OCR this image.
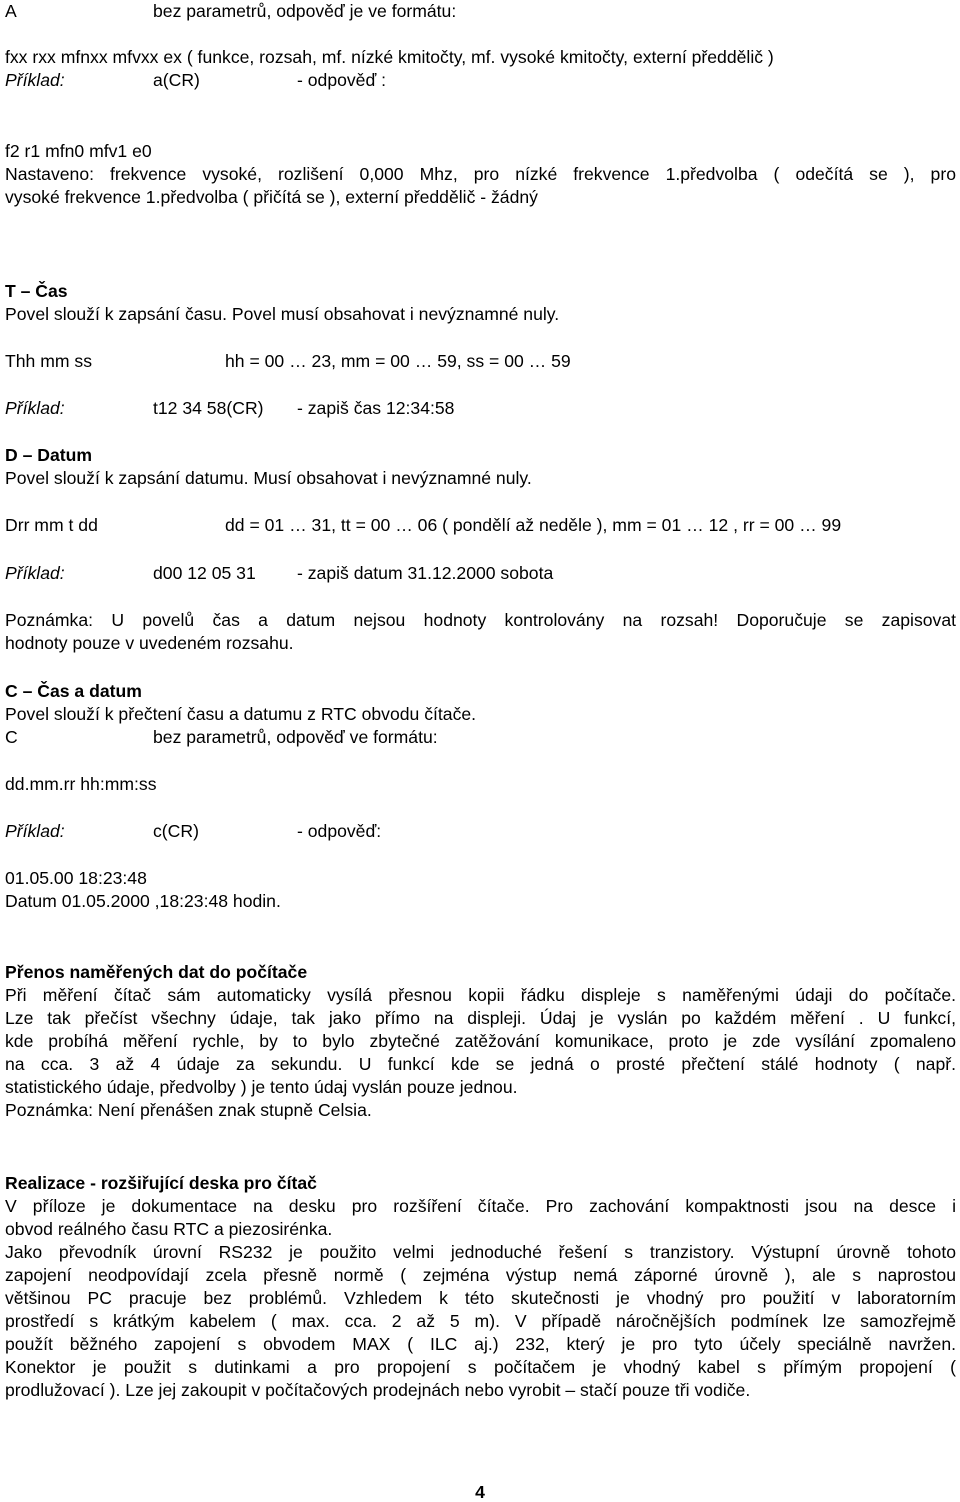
A	bez parametrů, odpověď je ve formátu:
fxx rxx mfnxx mfvxx ex ( funkce, rozsah, mf. nízké kmitočty, mf. vysoké kmitočty, externí předdělič )
Příklad:	a(CR)	- odpověď :
f2 r1 mfn0 mfv1 e0
Nastaveno: frekvence vysoké, rozlišení 0,000 Mhz, pro nízké frekvence 1.předvolba ( odečítá se ), pro
vysoké frekvence 1.předvolba ( přičítá se ), externí předdělič - žádný
T – Čas
Povel slouží k zapsání času. Povel musí obsahovat i nevýznamné nuly.
Thh mm ss	hh = 00 … 23, mm = 00 … 59, ss = 00 … 59
Příklad:	t12 34 58(CR) - zapiš čas 12:34:58
D – Datum
Povel slouží k zapsání datumu. Musí obsahovat i nevýznamné nuly.
Drr mm t dd	dd = 01 … 31, tt = 00 … 06 ( pondělí až neděle ), mm = 01 … 12 , rr = 00 … 99
Příklad:	d00 12 05 31 - zapiš datum 31.12.2000 sobota
Poznámka: U povelů čas a datum nejsou hodnoty kontrolovány na rozsah! Doporučuje se zapisovat
hodnoty pouze v uvedeném rozsahu.
C – Čas a datum
Povel slouží k přečtení času a datumu z RTC obvodu čítače.
C	bez parametrů, odpověď ve formátu:
dd.mm.rr hh:mm:ss
Příklad:	c(CR)	- odpověď:
01.05.00 18:23:48
Datum 01.05.2000 ,18:23:48 hodin.
Přenos naměřených dat do počítače
Při měření čítač sám automaticky vysílá přesnou kopii řádku displeje s naměřenými údaji do počítače.
Lze tak přečíst všechny údaje, tak jako přímo na displeji. Údaj je vyslán po každém měření . U funkcí,
kde probíhá měření rychle, by to bylo zbytečné zatěžování komunikace, proto je zde vysílání zpomaleno
na cca. 3 až 4 údaje za sekundu. U funkcí kde se jedná o prosté přečtení stálé hodnoty ( např.
statistického údaje, předvolby ) je tento údaj vyslán pouze jednou.
Poznámka: Není přenášen znak stupně Celsia.
Realizace - rozšiřující deska pro čítač
V příloze je dokumentace na desku pro rozšíření čítače. Pro zachování kompaktnosti jsou na desce i
obvod reálného času RTC a piezosirénka.
Jako převodník úrovní RS232 je použito velmi jednoduché řešení s tranzistory. Výstupní úrovně tohoto
zapojení neodpovídají zcela přesně normě ( zejména výstup nemá záporné úrovně ), ale s naprostou
většinou PC pracuje bez problémů. Vzhledem k této skutečnosti je vhodný pro použití v laboratorním
prostředí s krátkým kabelem ( max. cca. 2 až 5 m). V případě náročnějších podmínek lze samozřejmě
použít běžného zapojení s obvodem MAX ( ILC aj.) 232, který je pro tyto účely speciálně navržen.
Konektor je použit s dutinkami a pro propojení s počítačem je vhodný kabel s přímým propojení (
prodlužovací ). Lze jej zakoupit v počítačových prodejnách nebo vyrobit – stačí pouze tři vodiče.
4
